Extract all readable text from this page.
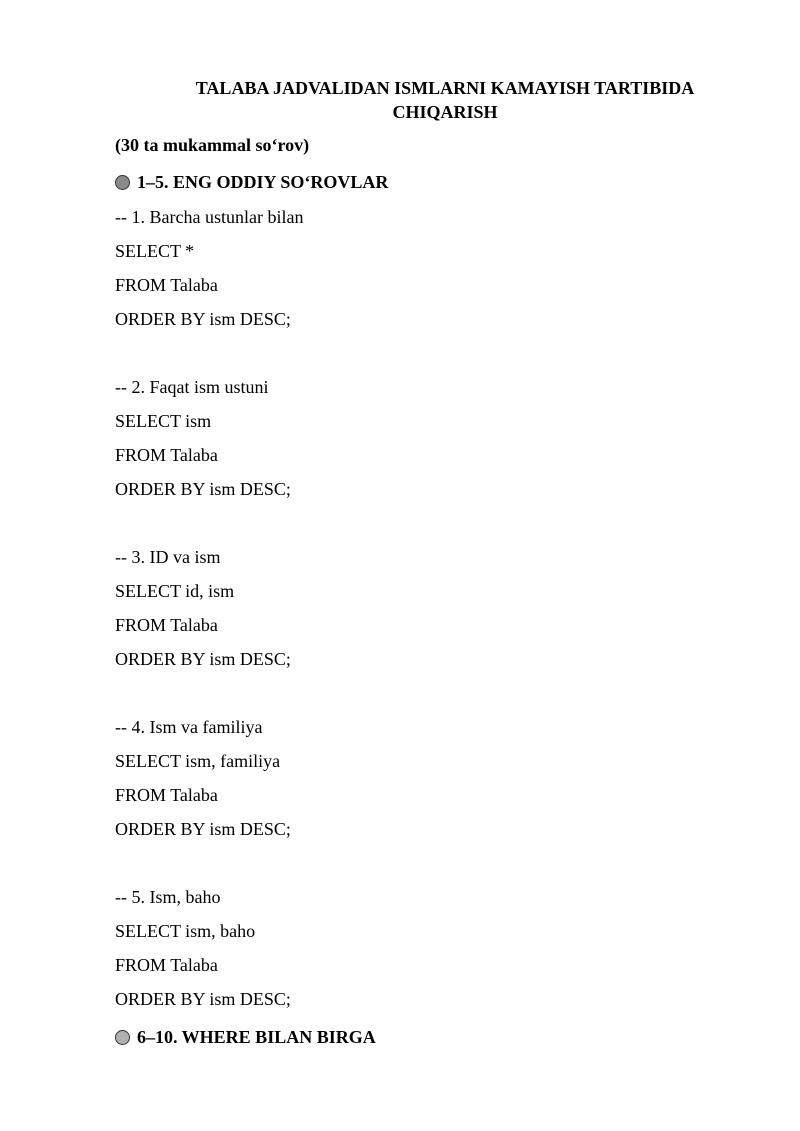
TALABA JADVALIDAN ISMLARNI KAMAYISH TARTIBIDA
CHIQARISH
(30 ta mukammal so‘rov)
1–5. ENG ODDIY SO‘ROVLAR
-- 1. Barcha ustunlar bilan
SELECT *
FROM Talaba
ORDER BY ism DESC;
-- 2. Faqat ism ustuni
SELECT ism
FROM Talaba
ORDER BY ism DESC;
-- 3. ID va ism
SELECT id, ism
FROM Talaba
ORDER BY ism DESC;
-- 4. Ism va familiya
SELECT ism, familiya
FROM Talaba
ORDER BY ism DESC;
-- 5. Ism, baho
SELECT ism, baho
FROM Talaba
ORDER BY ism DESC;
6–10. WHERE BILAN BIRGA
